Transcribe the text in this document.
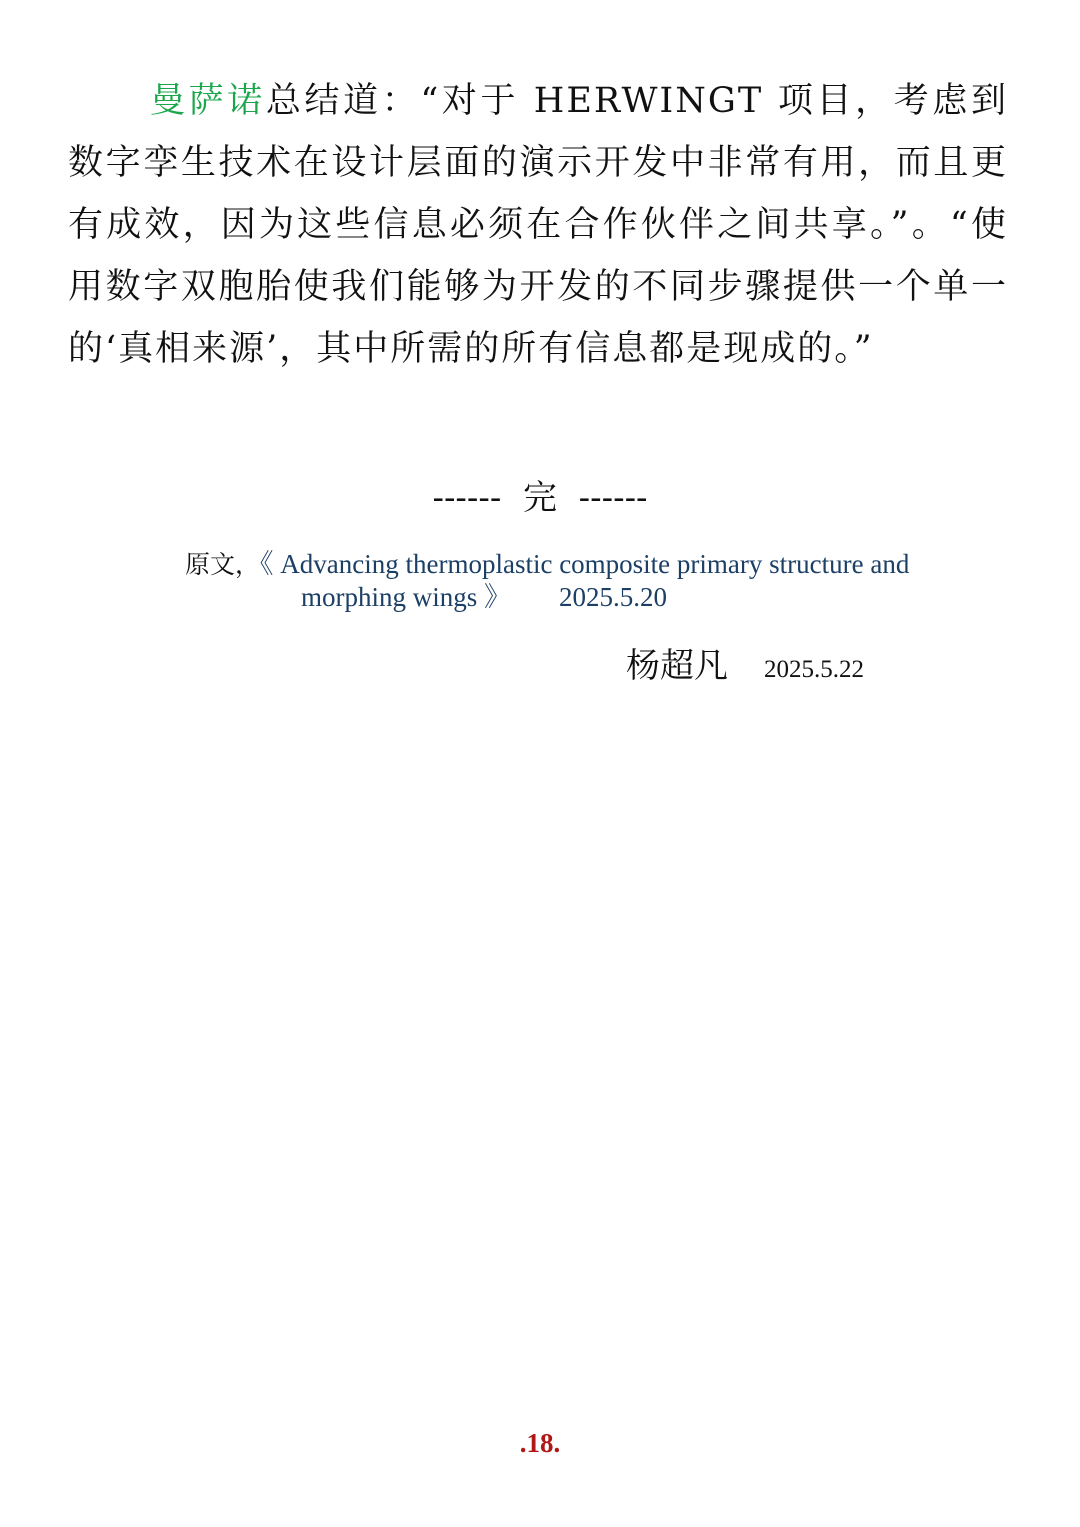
曼萨诺总结道：“对于 HERWINGT 项目，考虑到数字孪生技术在设计层面的演示开发中非常有用，而且更有成效，因为这些信息必须在合作伙伴之间共享。”。“使用数字双胞胎使我们能够为开发的不同步骤提供一个单一的‘真相来源’，其中所需的所有信息都是现成的。”

------  完  ------
原文，《 Advancing thermoplastic composite primary structure and
morphing wings 》 2025.5.20
杨超凡 2025.5.22
.18.
